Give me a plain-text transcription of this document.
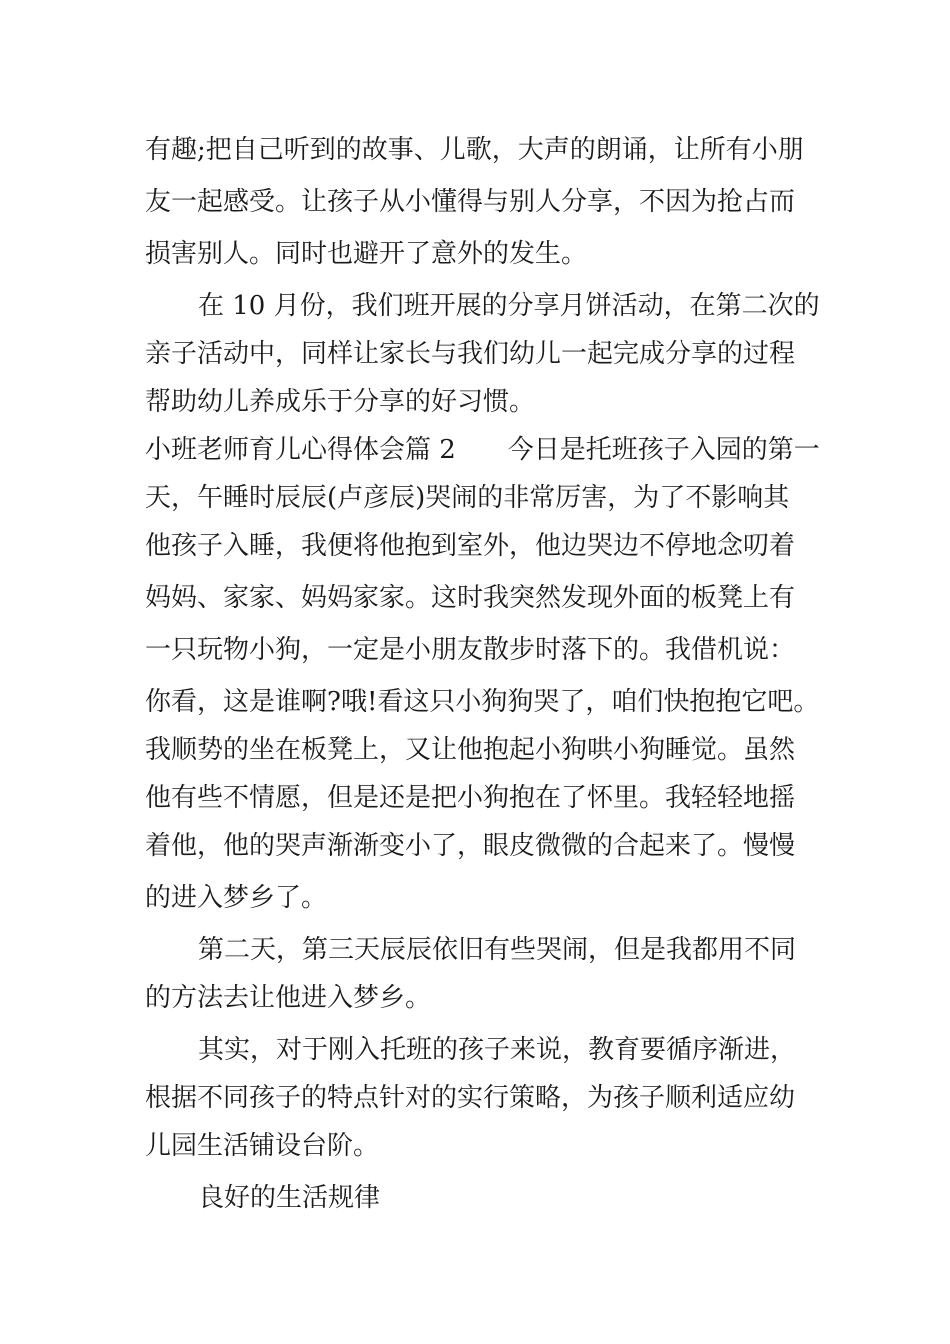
有趣;把自己听到的故事、儿歌，大声的朗诵，让所有小朋

友一起感受。让孩子从小懂得与别人分享，不因为抢占而

损害别人。同时也避开了意外的发生。

在 10 月份，我们班开展的分享月饼活动，在第二次的

亲子活动中，同样让家长与我们幼儿一起完成分享的过程

帮助幼儿养成乐于分享的好习惯。

小班老师育儿心得体会篇 2　　今日是托班孩子入园的第一

天，午睡时辰辰(卢彦辰)哭闹的非常厉害，为了不影响其

他孩子入睡，我便将他抱到室外，他边哭边不停地念叨着

妈妈、家家、妈妈家家。这时我突然发现外面的板凳上有

一只玩物小狗，一定是小朋友散步时落下的。我借机说：

你看，这是谁啊?哦!看这只小狗狗哭了，咱们快抱抱它吧。

我顺势的坐在板凳上，又让他抱起小狗哄小狗睡觉。虽然

他有些不情愿，但是还是把小狗抱在了怀里。我轻轻地摇

着他，他的哭声渐渐变小了，眼皮微微的合起来了。慢慢

的进入梦乡了。

第二天，第三天辰辰依旧有些哭闹，但是我都用不同

的方法去让他进入梦乡。

其实，对于刚入托班的孩子来说，教育要循序渐进，

根据不同孩子的特点针对的实行策略，为孩子顺利适应幼

儿园生活铺设台阶。

良好的生活规律
